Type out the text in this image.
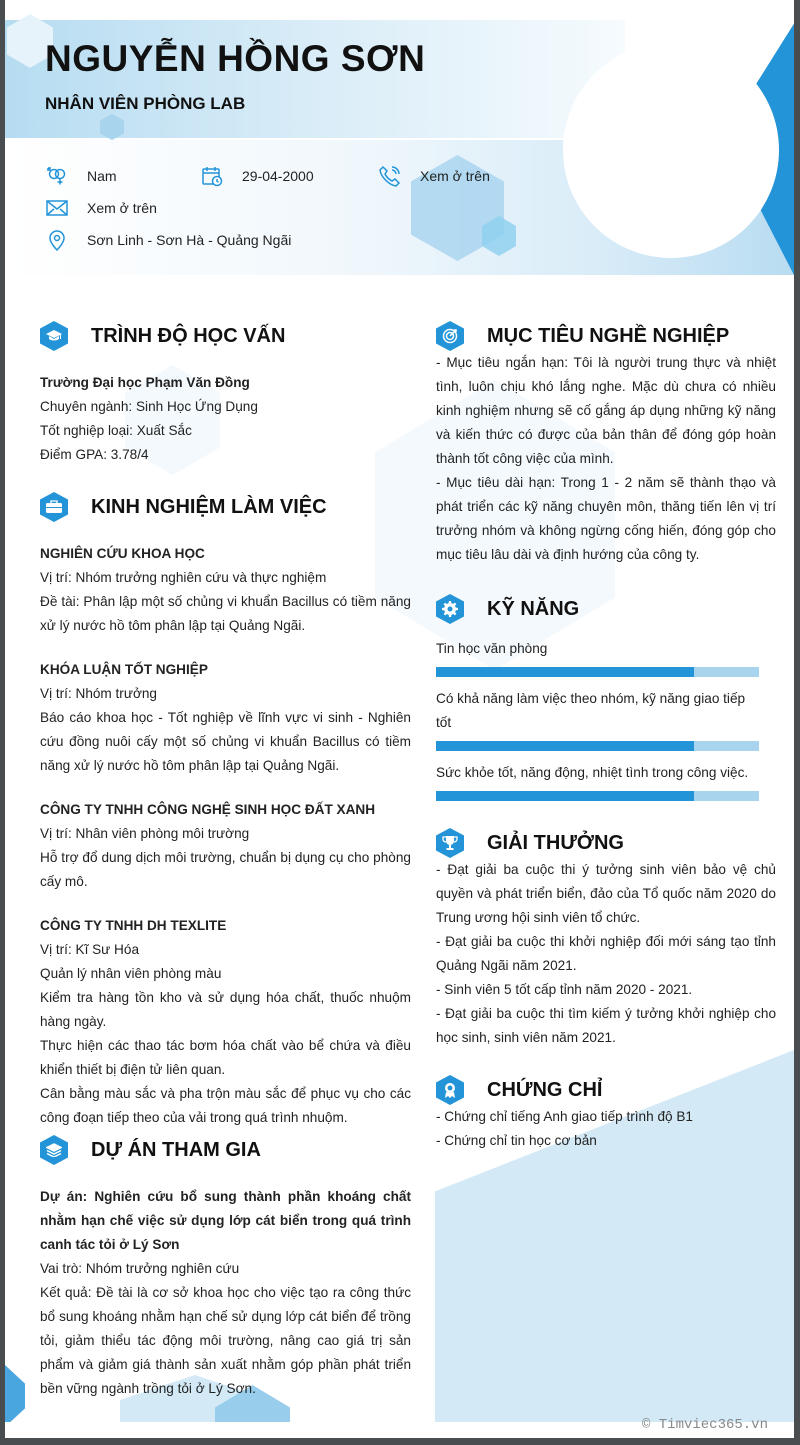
NGUYỄN HỒNG SƠN
NHÂN VIÊN PHÒNG LAB
Nam	29-04-2000	Xem ở trên
Xem ở trên
Sơn Linh - Sơn Hà - Quảng Ngãi
TRÌNH ĐỘ HỌC VẤN

Trường Đại học Phạm Văn Đồng

Chuyên ngành: Sinh Học Ứng Dụng

Tốt nghiệp loại: Xuất Sắc

Điểm GPA: 3.78/4

KINH NGHIỆM LÀM VIỆC

NGHIÊN CỨU KHOA HỌC

Vị trí: Nhóm trưởng nghiên cứu và thực nghiệm

Đề tài: Phân lập một số chủng vi khuẩn Bacillus có tiềm năng xử lý nước hồ tôm phân lập tại Quảng Ngãi.

KHÓA LUẬN TỐT NGHIỆP

Vị trí: Nhóm trưởng

Báo cáo khoa học - Tốt nghiệp về lĩnh vực vi sinh - Nghiên cứu đồng nuôi cấy một số chủng vi khuẩn Bacillus có tiềm năng xử lý nước hồ tôm phân lập tại Quảng Ngãi.

CÔNG TY TNHH CÔNG NGHỆ SINH HỌC ĐẤT XANH

Vị trí: Nhân viên phòng môi trường

Hỗ trợ đổ dung dịch môi trường, chuẩn bị dụng cụ cho phòng cấy mô.

CÔNG TY TNHH DH TEXLITE

Vị trí: Kĩ Sư Hóa

Quản lý nhân viên phòng màu

Kiểm tra hàng tồn kho và sử dụng hóa chất, thuốc nhuộm hàng ngày.

Thực hiện các thao tác bơm hóa chất vào bể chứa và điều khiển thiết bị điện tử liên quan.

Cân bằng màu sắc và pha trộn màu sắc để phục vụ cho các công đoạn tiếp theo của vải trong quá trình nhuộm.

DỰ ÁN THAM GIA

Dự án: Nghiên cứu bổ sung thành phần khoáng chất nhằm hạn chế việc sử dụng lớp cát biển trong quá trình canh tác tỏi ở Lý Sơn

Vai trò: Nhóm trưởng nghiên cứu

Kết quả: Đề tài là cơ sở khoa học cho việc tạo ra công thức bổ sung khoáng nhằm hạn chế sử dụng lớp cát biển để trồng tỏi, giảm thiểu tác động môi trường, nâng cao giá trị sản phẩm và giảm giá thành sản xuất nhằm góp phần phát triển bền vững ngành trồng tỏi ở Lý Sơn.

MỤC TIÊU NGHỀ NGHIỆP

- Mục tiêu ngắn hạn: Tôi là người trung thực và nhiệt tình, luôn chịu khó lắng nghe. Mặc dù chưa có nhiều kinh nghiệm nhưng sẽ cố gắng áp dụng những kỹ năng và kiến thức có được của bản thân để đóng góp hoàn thành tốt công việc của mình.

- Mục tiêu dài hạn: Trong 1 - 2 năm sẽ thành thạo và phát triển các kỹ năng chuyên môn, thăng tiến lên vị trí trưởng nhóm và không ngừng cống hiến, đóng góp cho mục tiêu lâu dài và định hướng của công ty.

KỸ NĂNG

Tin học văn phòng

Có khả năng làm việc theo nhóm, kỹ năng giao tiếp tốt

Sức khỏe tốt, năng động, nhiệt tình trong công việc.

GIẢI THƯỞNG

- Đạt giải ba cuộc thi ý tưởng sinh viên bảo vệ chủ quyền và phát triển biển, đảo của Tổ quốc năm 2020 do Trung ương hội sinh viên tổ chức.

- Đạt giải ba cuộc thi khởi nghiệp đối mới sáng tạo tỉnh Quảng Ngãi năm 2021.

- Sinh viên 5 tốt cấp tỉnh năm 2020 - 2021.

- Đạt giải ba cuộc thi tìm kiếm ý tưởng khởi nghiệp cho học sinh, sinh viên năm 2021.

CHỨNG CHỈ

- Chứng chỉ tiếng Anh giao tiếp trình độ B1

- Chứng chỉ tin học cơ bản

© Timviec365.vn
